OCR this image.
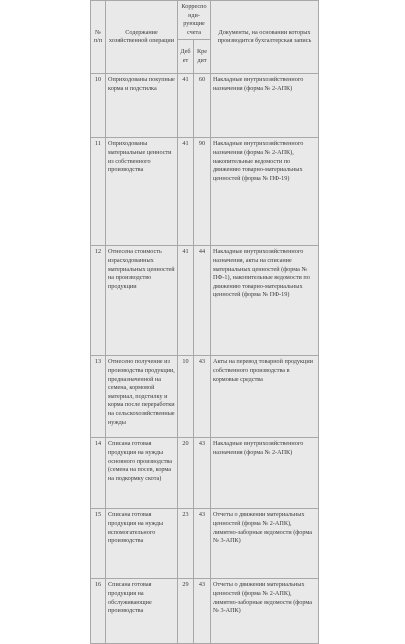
№ п/п	Содержание хозяйственной операции	Корреспонди-рующие счета		Документы, на основании которых производится бухгалтерская запись
		Дебет	Кредит	
10	Оприходованы покупные корма и подстилка	41	60	Накладные внутрихозяйственного назначения (форма № 2-АПК)
11	Оприходованы материальные ценности из собственного производства	41	90	Накладные внутрихозяйственного назначения (форма № 2-АПК), накопительные ведомости по движению товарно-материальных ценностей (форма № ПФ-19)
12	Отнесена стоимость израсходованных материальных ценностей на производство продукции	41	44	Накладные внутрихозяйственного назначения, акты на списание материальных ценностей (форма № ПФ-1), накопительные ведомости по движению товарно-материальных ценностей (форма № ПФ-19)
13	Отнесено получение из производства продукции, предназначенной на семена, кормовой материал, подстилку и корма после переработки на сельскохозяйственные нужды	10	43	Акты на перевод товарной продукции собственного производства в кормовые средства
14	Списана готовая продукция на нужды основного производства (семена на посев, корма на подкормку скота)	20	43	Накладные внутрихозяйственного назначения (форма № 2-АПК)
15	Списана готовая продукция на нужды вспомогательного производства	23	43	Отчеты о движении материальных ценностей (форма № 2-АПК), лимитно-заборные ведомости (форма № 3-АПК)
16	Списана готовая продукция на обслуживающие производства	29	43	Отчеты о движении материальных ценностей (форма № 2-АПК), лимитно-заборные ведомости (форма № 3-АПК)
